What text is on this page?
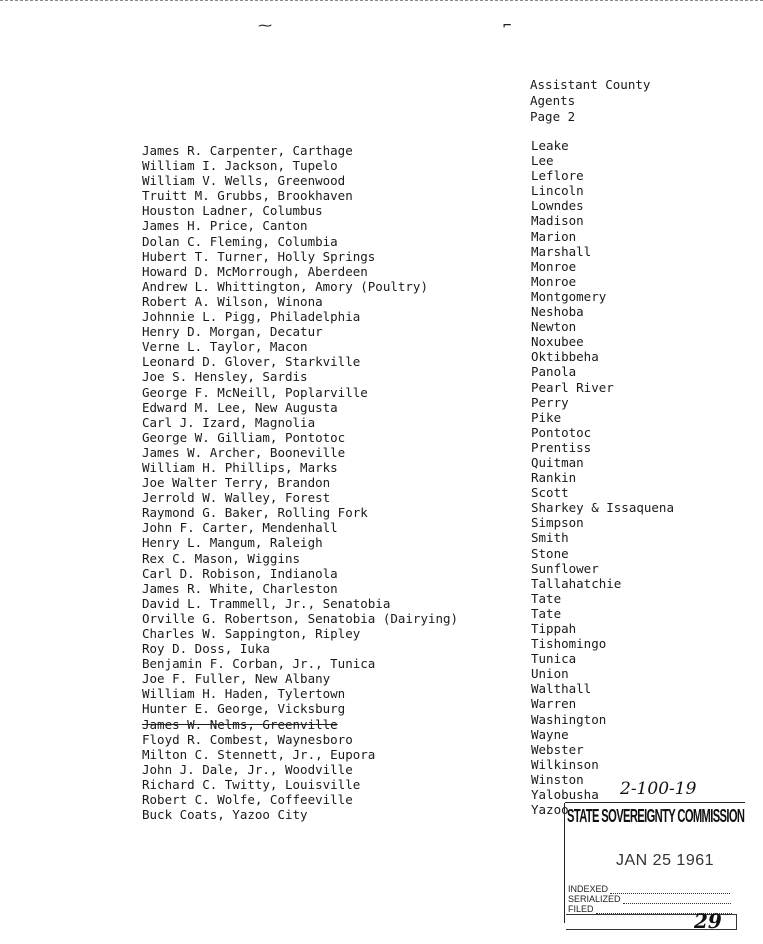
⁓	⌐
Assistant County
Agents
Page 2
James R. Carpenter, Carthage
William I. Jackson, Tupelo
William V. Wells, Greenwood
Truitt M. Grubbs, Brookhaven
Houston Ladner, Columbus
James H. Price, Canton
Dolan C. Fleming, Columbia
Hubert T. Turner, Holly Springs
Howard D. McMorrough, Aberdeen
Andrew L. Whittington, Amory (Poultry)
Robert A. Wilson, Winona
Johnnie L. Pigg, Philadelphia
Henry D. Morgan, Decatur
Verne L. Taylor, Macon
Leonard D. Glover, Starkville
Joe S. Hensley, Sardis
George F. McNeill, Poplarville
Edward M. Lee, New Augusta
Carl J. Izard, Magnolia
George W. Gilliam, Pontotoc
James W. Archer, Booneville
William H. Phillips, Marks
Joe Walter Terry, Brandon
Jerrold W. Walley, Forest
Raymond G. Baker, Rolling Fork
John F. Carter, Mendenhall
Henry L. Mangum, Raleigh
Rex C. Mason, Wiggins
Carl D. Robison, Indianola
James R. White, Charleston
David L. Trammell, Jr., Senatobia
Orville G. Robertson, Senatobia (Dairying)
Charles W. Sappington, Ripley
Roy D. Doss, Iuka
Benjamin F. Corban, Jr., Tunica
Joe F. Fuller, New Albany
William H. Haden, Tylertown
Hunter E. George, Vicksburg
James W. Nelms, Greenville
Floyd R. Combest, Waynesboro
Milton C. Stennett, Jr., Eupora
John J. Dale, Jr., Woodville
Richard C. Twitty, Louisville
Robert C. Wolfe, Coffeeville
Buck Coats, Yazoo City
Leake
Lee
Leflore
Lincoln
Lowndes
Madison
Marion
Marshall
Monroe
Monroe
Montgomery
Neshoba
Newton
Noxubee
Oktibbeha
Panola
Pearl River
Perry
Pike
Pontotoc
Prentiss
Quitman
Rankin
Scott
Sharkey & Issaquena
Simpson
Smith
Stone
Sunflower
Tallahatchie
Tate
Tate
Tippah
Tishomingo
Tunica
Union
Walthall
Warren
Washington
Wayne
Webster
Wilkinson
Winston
Yalobusha
Yazoo
2-100-19
STATE SOVEREIGNTY COMMISSION
JAN 25 1961
INDEXED
SERIALIZED
FILED	29
